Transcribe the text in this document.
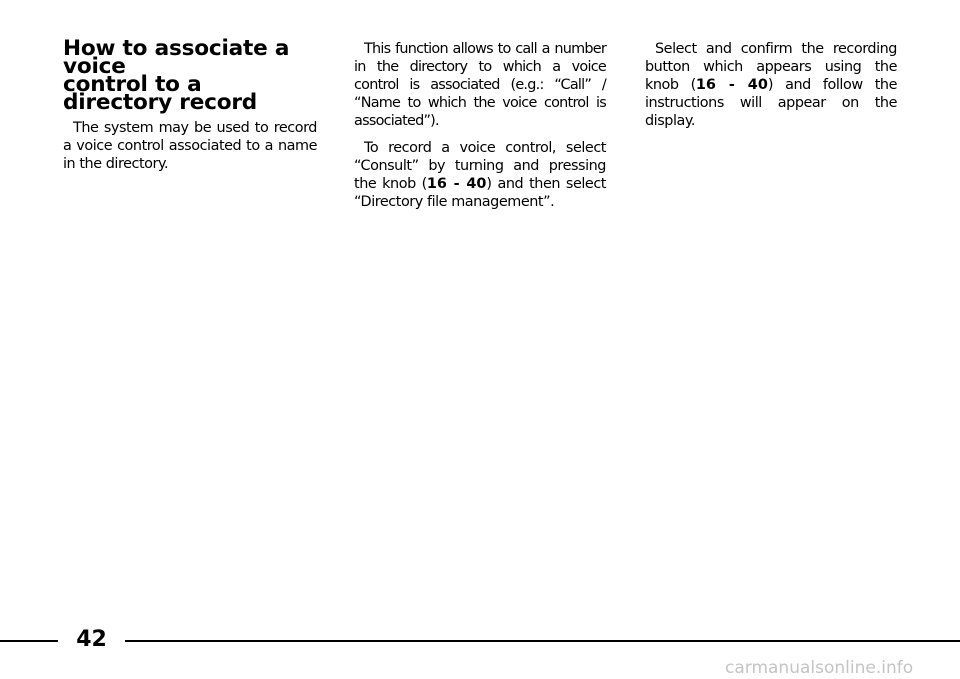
How to associate a voice
control to a directory record

The system may be used to record a voice control associated to a name in the directory.

This function allows to call a number in the directory to which a voice control is associated (e.g.: “Call” / “Name to which the voice control is associated”).

To record a voice control, select “Consult” by turning and pressing the knob (16 - 40) and then select “Directory file management”.

Select and confirm the recording button which appears using the knob (16 - 40) and follow the instructions will appear on the display.

42
carmanualsonline.info
